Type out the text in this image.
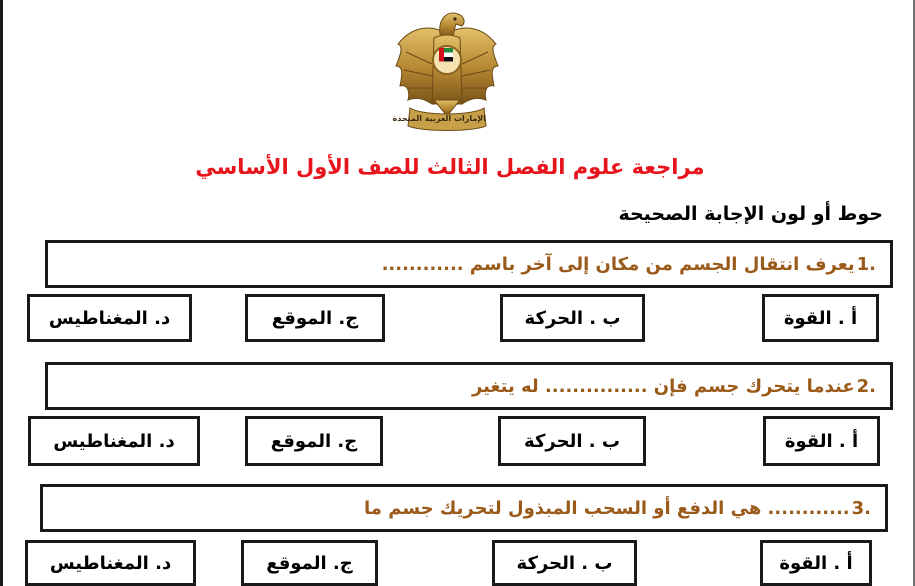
الإمارات العربية المتحدة
مراجعة علوم الفصل الثالث للصف الأول الأساسي
حوط أو لون الإجابة الصحيحة
.1
يعرف انتقال الجسم من مكان إلى آخر باسم ............
أ . القوة
ب . الحركة
ج. الموقع
د. المغناطيس
.2
عندما يتحرك جسم فإن ............... له يتغير
أ . القوة
ب . الحركة
ج. الموقع
د. المغناطيس
.3
............ هي الدفع أو السحب المبذول لتحريك جسم ما
أ . القوة
ب . الحركة
ج. الموقع
د. المغناطيس
